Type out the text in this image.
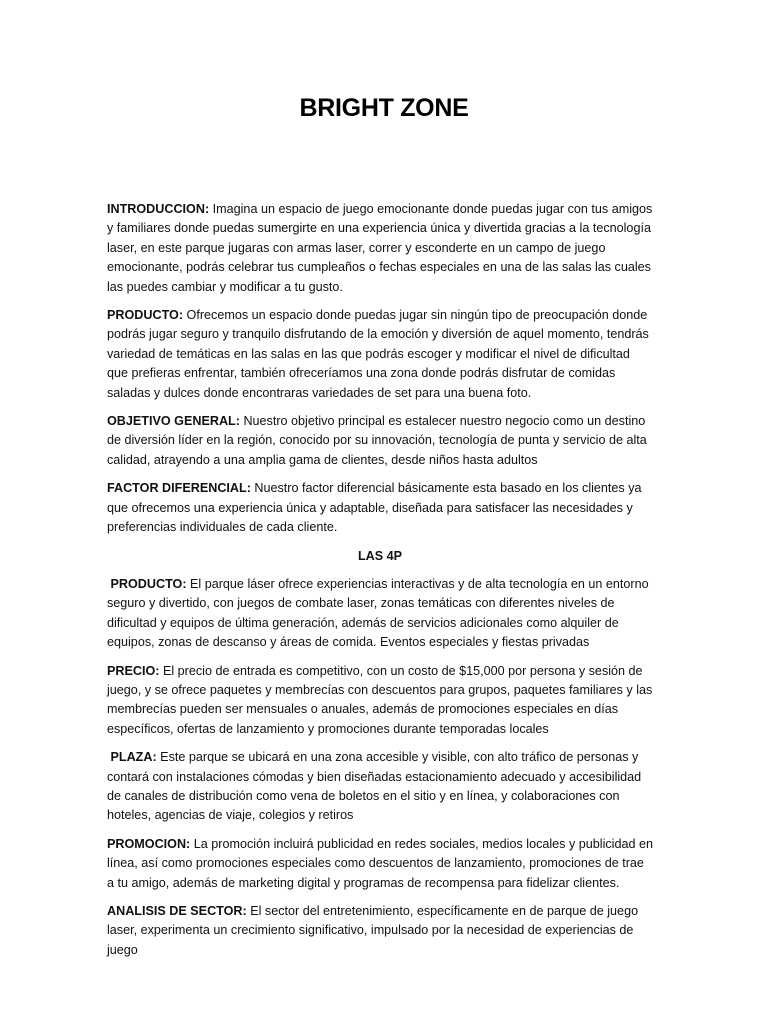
BRIGHT ZONE

INTRODUCCION: Imagina un espacio de juego emocionante donde puedas jugar con tus amigos y familiares donde puedas sumergirte en una experiencia única y divertida gracias a la tecnología laser, en este parque jugaras con armas laser, correr y esconderte en un campo de juego emocionante, podrás celebrar tus cumpleaños o fechas especiales en una de las salas las cuales las puedes cambiar y modificar a tu gusto.

PRODUCTO: Ofrecemos un espacio donde puedas jugar sin ningún tipo de preocupación donde podrás jugar seguro y tranquilo disfrutando de la emoción y diversión de aquel momento, tendrás variedad de temáticas en las salas en las que podrás escoger y modificar el nivel de dificultad que prefieras enfrentar, también ofreceríamos una zona donde podrás disfrutar de comidas saladas y dulces donde encontraras variedades de set para una buena foto.

OBJETIVO GENERAL: Nuestro objetivo principal es estalecer nuestro negocio como un destino de diversión líder en la región, conocido por su innovación, tecnología de punta y servicio de alta calidad, atrayendo a una amplia gama de clientes, desde niños hasta adultos

FACTOR DIFERENCIAL: Nuestro factor diferencial básicamente esta basado en los clientes ya que ofrecemos una experiencia única y adaptable, diseñada para satisfacer las necesidades y preferencias individuales de cada cliente.

LAS 4P

PRODUCTO: El parque láser ofrece experiencias interactivas y de alta tecnología en un entorno seguro y divertido, con juegos de combate laser, zonas temáticas con diferentes niveles de dificultad y equipos de última generación, además de servicios adicionales como alquiler de equipos, zonas de descanso y áreas de comida. Eventos especiales y fiestas privadas

PRECIO: El precio de entrada es competitivo, con un costo de $15,000 por persona y sesión de juego, y se ofrece paquetes y membrecías con descuentos para grupos, paquetes familiares y las membrecías pueden ser mensuales o anuales, además de promociones especiales en días específicos, ofertas de lanzamiento y promociones durante temporadas locales

PLAZA: Este parque se ubicará en una zona accesible y visible, con alto tráfico de personas y contará con instalaciones cómodas y bien diseñadas estacionamiento adecuado y accesibilidad de canales de distribución como vena de boletos en el sitio y en línea, y colaboraciones con hoteles, agencias de viaje, colegios y retiros

PROMOCION: La promoción incluirá publicidad en redes sociales, medios locales y publicidad en línea, así como promociones especiales como descuentos de lanzamiento, promociones de trae a tu amigo, además de marketing digital y programas de recompensa para fidelizar clientes.

ANALISIS DE SECTOR: El sector del entretenimiento, específicamente en de parque de juego laser, experimenta un crecimiento significativo, impulsado por la necesidad de experiencias de juego
